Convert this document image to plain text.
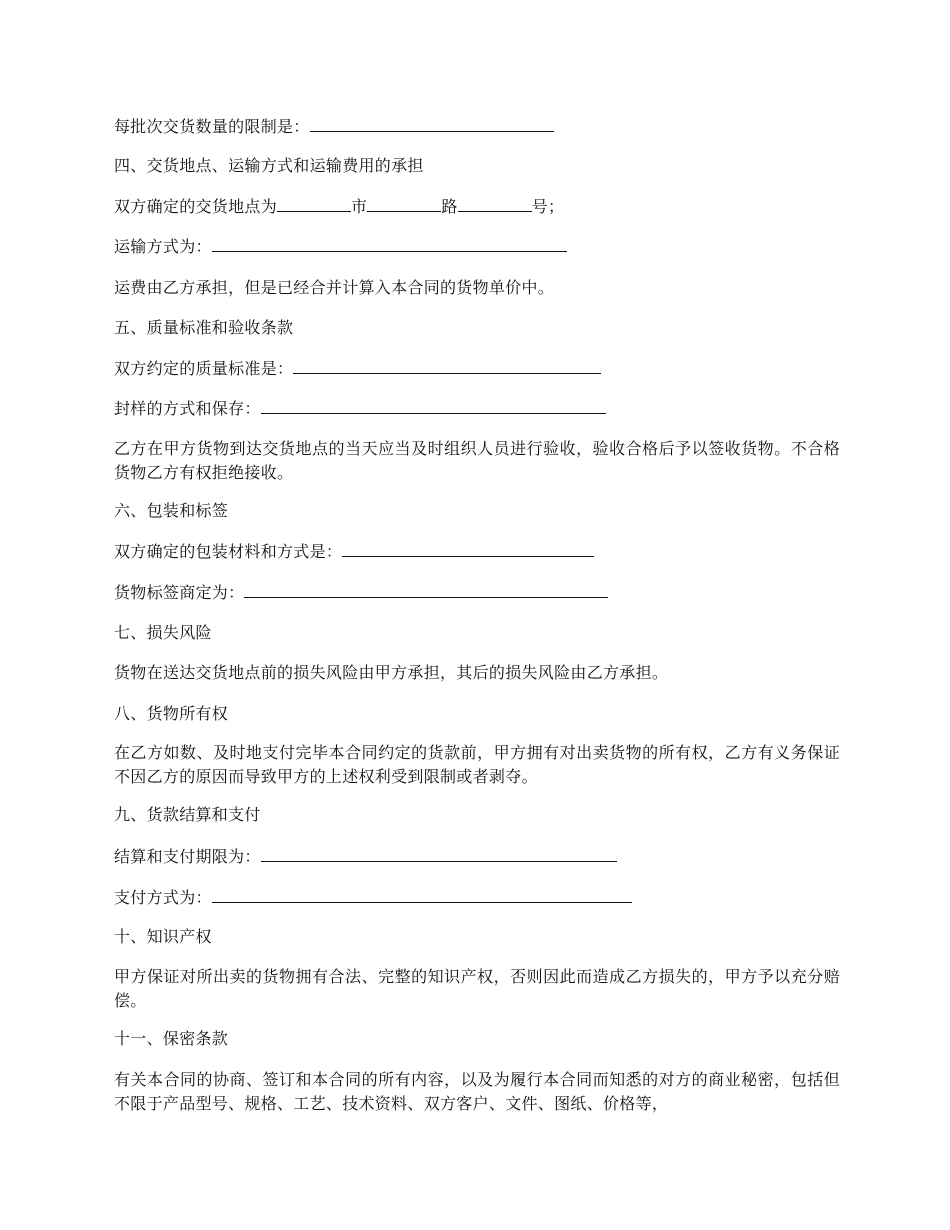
每批次交货数量的限制是：
四、交货地点、运输方式和运输费用的承担
双方确定的交货地点为	市	路	号；
运输方式为：
运费由乙方承担，但是已经合并计算入本合同的货物单价中。
五、质量标准和验收条款
双方约定的质量标准是：
封样的方式和保存：
乙方在甲方货物到达交货地点的当天应当及时组织人员进行验收，验收合格后予以签收货物。不合格货物乙方有权拒绝接收。
六、包装和标签
双方确定的包装材料和方式是：
货物标签商定为：
七、损失风险
货物在送达交货地点前的损失风险由甲方承担，其后的损失风险由乙方承担。
八、货物所有权
在乙方如数、及时地支付完毕本合同约定的货款前，甲方拥有对出卖货物的所有权，乙方有义务保证不因乙方的原因而导致甲方的上述权利受到限制或者剥夺。
九、货款结算和支付
结算和支付期限为：
支付方式为：
十、知识产权
甲方保证对所出卖的货物拥有合法、完整的知识产权，否则因此而造成乙方损失的，甲方予以充分赔偿。
十一、保密条款
有关本合同的协商、签订和本合同的所有内容，以及为履行本合同而知悉的对方的商业秘密，包括但不限于产品型号、规格、工艺、技术资料、双方客户、文件、图纸、价格等，
